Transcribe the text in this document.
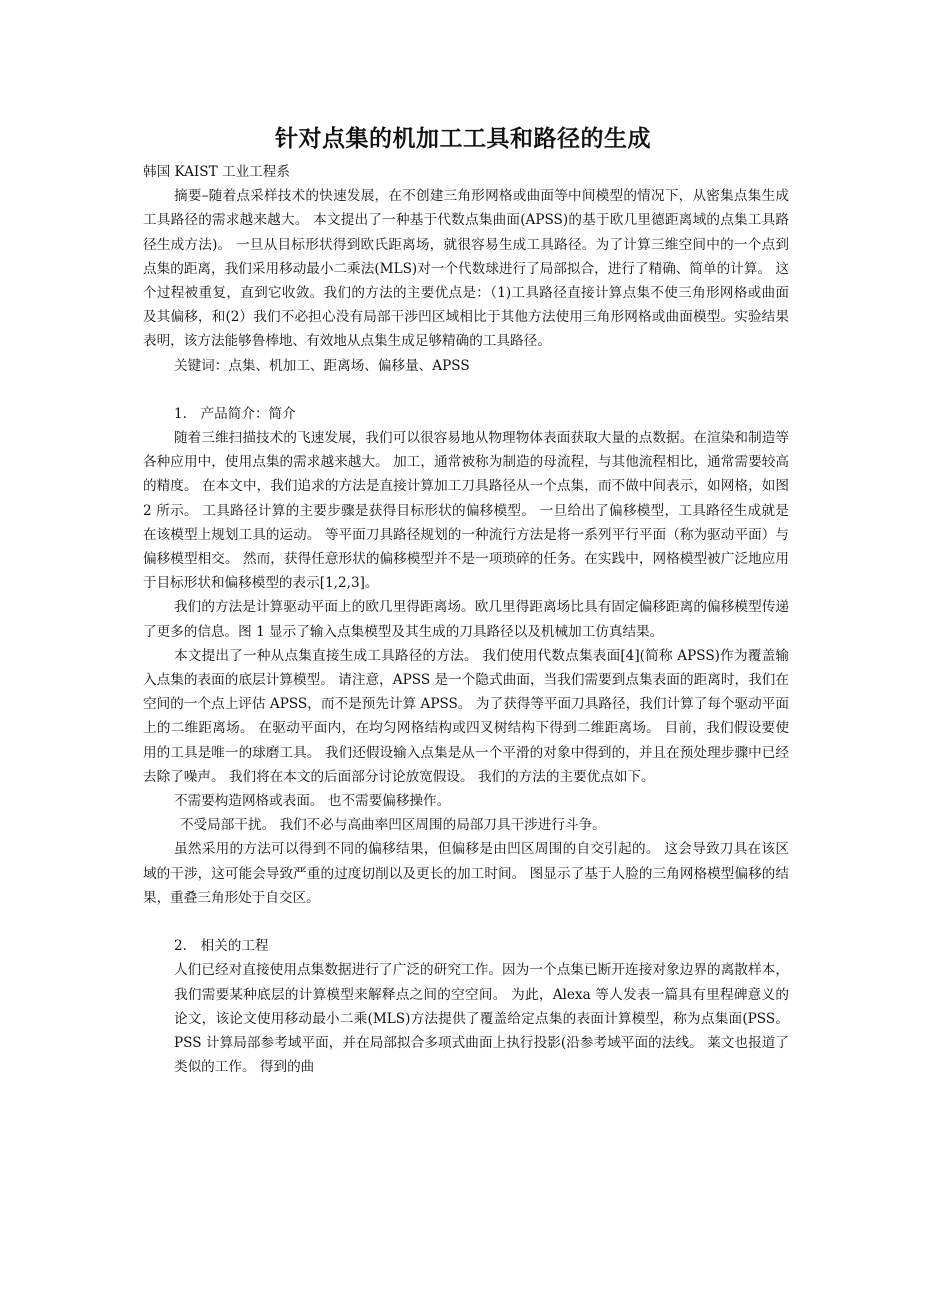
针对点集的机加工工具和路径的生成

韩国 KAIST 工业工程系

摘要–随着点采样技术的快速发展，在不创建三角形网格或曲面等中间模型的情况下，从密集点集生成工具路径的需求越来越大。 本文提出了一种基于代数点集曲面(APSS)的基于欧几里德距离域的点集工具路径生成方法)。 一旦从目标形状得到欧氏距离场，就很容易生成工具路径。为了计算三维空间中的一个点到点集的距离，我们采用移动最小二乘法(MLS)对一个代数球进行了局部拟合，进行了精确、简单的计算。 这个过程被重复，直到它收敛。我们的方法的主要优点是：（1)工具路径直接计算点集不使三角形网格或曲面及其偏移，和(2）我们不必担心没有局部干涉凹区域相比于其他方法使用三角形网格或曲面模型。实验结果表明，该方法能够鲁棒地、有效地从点集生成足够精确的工具路径。

关键词：点集、机加工、距离场、偏移量、APSS

1.　产品简介：简介

随着三维扫描技术的飞速发展，我们可以很容易地从物理物体表面获取大量的点数据。在渲染和制造等各种应用中，使用点集的需求越来越大。 加工，通常被称为制造的母流程，与其他流程相比，通常需要较高的精度。 在本文中，我们追求的方法是直接计算加工刀具路径从一个点集，而不做中间表示，如网格，如图 2 所示。 工具路径计算的主要步骤是获得目标形状的偏移模型。 一旦给出了偏移模型，工具路径生成就是在该模型上规划工具的运动。 等平面刀具路径规划的一种流行方法是将一系列平行平面（称为驱动平面）与偏移模型相交。 然而，获得任意形状的偏移模型并不是一项琐碎的任务。在实践中，网格模型被广泛地应用于目标形状和偏移模型的表示[1,2,3]。

我们的方法是计算驱动平面上的欧几里得距离场。欧几里得距离场比具有固定偏移距离的偏移模型传递了更多的信息。图 1 显示了输入点集模型及其生成的刀具路径以及机械加工仿真结果。

本文提出了一种从点集直接生成工具路径的方法。 我们使用代数点集表面[4](简称 APSS)作为覆盖输入点集的表面的底层计算模型。 请注意，APSS 是一个隐式曲面，当我们需要到点集表面的距离时，我们在空间的一个点上评估 APSS，而不是预先计算 APSS。 为了获得等平面刀具路径，我们计算了每个驱动平面上的二维距离场。 在驱动平面内，在均匀网格结构或四叉树结构下得到二维距离场。 目前，我们假设要使用的工具是唯一的球磨工具。 我们还假设输入点集是从一个平滑的对象中得到的，并且在预处理步骤中已经去除了噪声。 我们将在本文的后面部分讨论放宽假设。 我们的方法的主要优点如下。

不需要构造网格或表面。 也不需要偏移操作。

不受局部干扰。 我们不必与高曲率凹区周围的局部刀具干涉进行斗争。

虽然采用的方法可以得到不同的偏移结果，但偏移是由凹区周围的自交引起的。 这会导致刀具在该区域的干涉，这可能会导致严重的过度切削以及更长的加工时间。 图显示了基于人脸的三角网格模型偏移的结果，重叠三角形处于自交区。

2.　相关的工程

人们已经对直接使用点集数据进行了广泛的研究工作。因为一个点集已断开连接对象边界的离散样本，我们需要某种底层的计算模型来解释点之间的空空间。 为此，Alexa 等人发表一篇具有里程碑意义的论文，该论文使用移动最小二乘(MLS)方法提供了覆盖给定点集的表面计算模型，称为点集面(PSS。 PSS 计算局部参考域平面，并在局部拟合多项式曲面上执行投影(沿参考域平面的法线。 莱文也报道了类似的工作。 得到的曲
